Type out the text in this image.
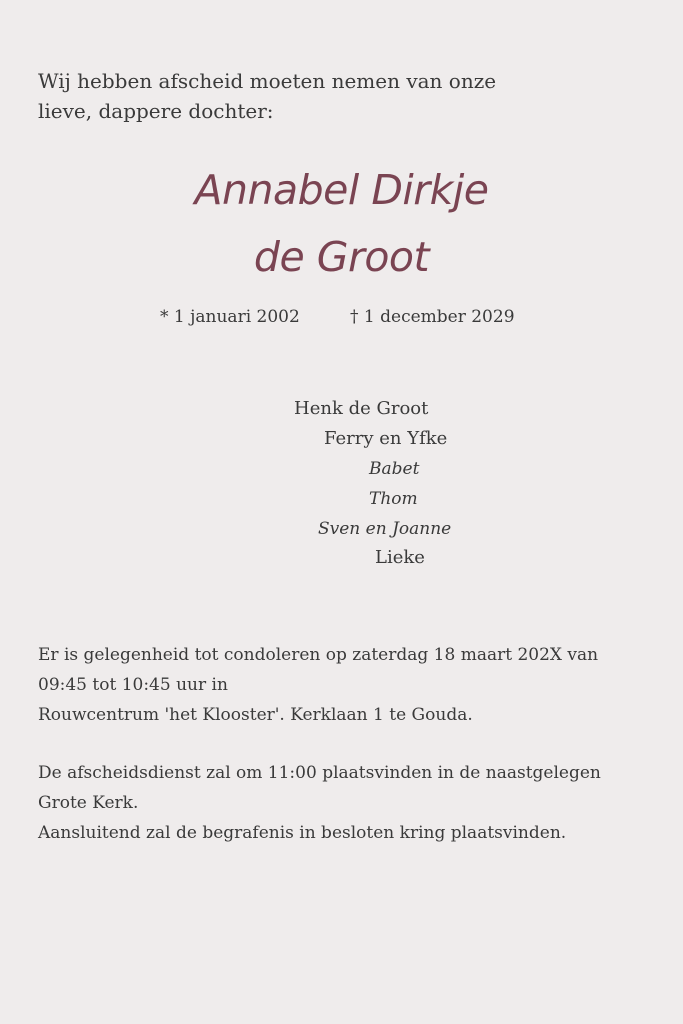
Wij hebben afscheid moeten nemen van onze
lieve, dappere dochter:

Annabel Dirkje
de Groot
* 1 januari 2002	† 1 december 2029
Henk de Groot
Ferry en Yfke
Babet
Thom
Sven en Joanne
Lieke

Er is gelegenheid tot condoleren op zaterdag 18 maart 202X van
09:45 tot 10:45 uur in
Rouwcentrum 'het Klooster'. Kerklaan 1 te Gouda.

De afscheidsdienst zal om 11:00 plaatsvinden in de naastgelegen
Grote Kerk.
Aansluitend zal de begrafenis in besloten kring plaatsvinden.
